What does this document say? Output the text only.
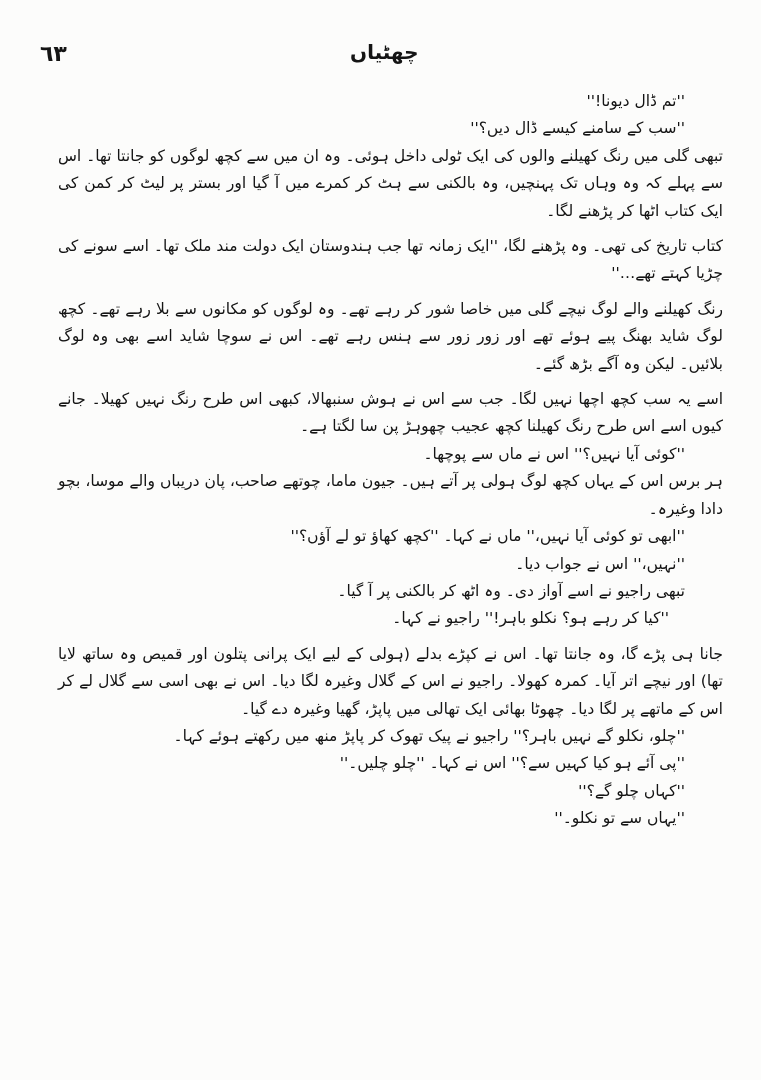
٦٣	چھٹیاں

''تم ڈال دیونا!''

''سب کے سامنے کیسے ڈال دیں؟''

تبھی گلی میں رنگ کھیلنے والوں کی ایک ٹولی داخل ہوئی۔ وہ ان میں سے کچھ لوگوں کو جانتا تھا۔ اس سے پہلے کہ وہ وہاں تک پہنچیں، وہ بالکنی سے ہٹ کر کمرے میں آ گیا اور بستر پر لیٹ کر کمن کی ایک کتاب اٹھا کر پڑھنے لگا۔

کتاب تاریخ کی تھی۔ وہ پڑھنے لگا، ''ایک زمانہ تھا جب ہندوستان ایک دولت مند ملک تھا۔ اسے سونے کی چڑیا کہتے تھے…''

رنگ کھیلنے والے لوگ نیچے گلی میں خاصا شور کر رہے تھے۔ وہ لوگوں کو مکانوں سے بلا رہے تھے۔ کچھ لوگ شاید بھنگ پیے ہوئے تھے اور زور زور سے ہنس رہے تھے۔ اس نے سوچا شاید اسے بھی وہ لوگ بلائیں۔ لیکن وہ آگے بڑھ گئے۔

اسے یہ سب کچھ اچھا نہیں لگا۔ جب سے اس نے ہوش سنبھالا، کبھی اس طرح رنگ نہیں کھیلا۔ جانے کیوں اسے اس طرح رنگ کھیلنا کچھ عجیب چھوہڑ پن سا لگتا ہے۔

''کوئی آیا نہیں؟'' اس نے ماں سے پوچھا۔

ہر برس اس کے یہاں کچھ لوگ ہولی پر آتے ہیں۔ جیون ماما، چوتھے صاحب، پان دریباں والے موسا، بچو دادا وغیرہ۔

''ابھی تو کوئی آیا نہیں،'' ماں نے کہا۔ ''کچھ کھاؤ تو لے آؤں؟''

''نہیں،'' اس نے جواب دیا۔

تبھی راجیو نے اسے آواز دی۔ وہ اٹھ کر بالکنی پر آ گیا۔

''کیا کر رہے ہو؟ نکلو باہر!'' راجیو نے کہا۔

جانا ہی پڑے گا، وہ جانتا تھا۔ اس نے کپڑے بدلے (ہولی کے لیے ایک پرانی پتلون اور قمیص وہ ساتھ لایا تھا) اور نیچے اتر آیا۔ کمرہ کھولا۔ راجیو نے اس کے گلال وغیرہ لگا دیا۔ اس نے بھی اسی سے گلال لے کر اس کے ماتھے پر لگا دیا۔ چھوٹا بھائی ایک تھالی میں پاپڑ، گھیا وغیرہ دے گیا۔

''چلو، نکلو گے نہیں باہر؟'' راجیو نے پیک تھوک کر پاپڑ منھ میں رکھتے ہوئے کہا۔

''پی آئے ہو کیا کہیں سے؟'' اس نے کہا۔ ''چلو چلیں۔''

''کہاں چلو گے؟''

''یہاں سے تو نکلو۔''
